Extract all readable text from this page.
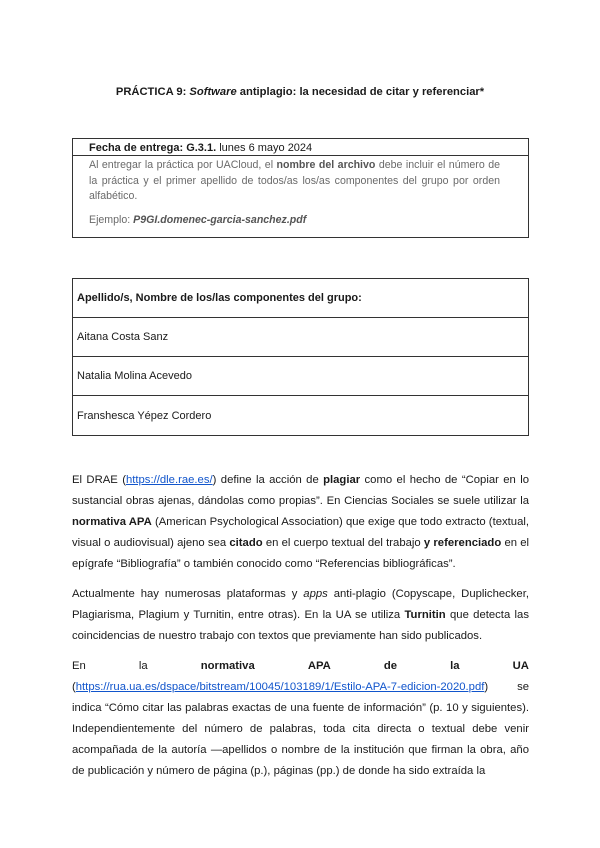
PRÁCTICA 9: Software antiplagio: la necesidad de citar y referenciar*
Fecha de entrega: G.3.1. lunes 6 mayo 2024

Al entregar la práctica por UACloud, el nombre del archivo debe incluir el número de la práctica y el primer apellido de todos/as los/as componentes del grupo por orden alfabético.

Ejemplo: P9GI.domenec-garcia-sanchez.pdf

Apellido/s, Nombre de los/las componentes del grupo:
Aitana Costa Sanz
Natalia Molina Acevedo
Franshesca Yépez Cordero

El DRAE (https://dle.rae.es/) define la acción de plagiar como el hecho de “Copiar en lo sustancial obras ajenas, dándolas como propias”. En Ciencias Sociales se suele utilizar la normativa APA (American Psychological Association) que exige que todo extracto (textual, visual o audiovisual) ajeno sea citado en el cuerpo textual del trabajo y referenciado en el epígrafe “Bibliografía” o también conocido como “Referencias bibliográficas”.

Actualmente hay numerosas plataformas y apps anti-plagio (Copyscape, Duplichecker, Plagiarisma, Plagium y Turnitin, entre otras). En la UA se utiliza Turnitin que detecta las coincidencias de nuestro trabajo con textos que previamente han sido publicados.

En	la	normativa	APA	de	la	UA
(https://rua.ua.es/dspace/bitstream/10045/103189/1/Estilo-APA-7-edicion-2020.pdf)	se
indica “Cómo citar las palabras exactas de una fuente de información” (p. 10 y siguientes). Independientemente del número de palabras, toda cita directa o textual debe venir acompañada de la autoría —apellidos o nombre de la institución que firman la obra, año de publicación y número de página (p.), páginas (pp.) de donde ha sido extraída la
